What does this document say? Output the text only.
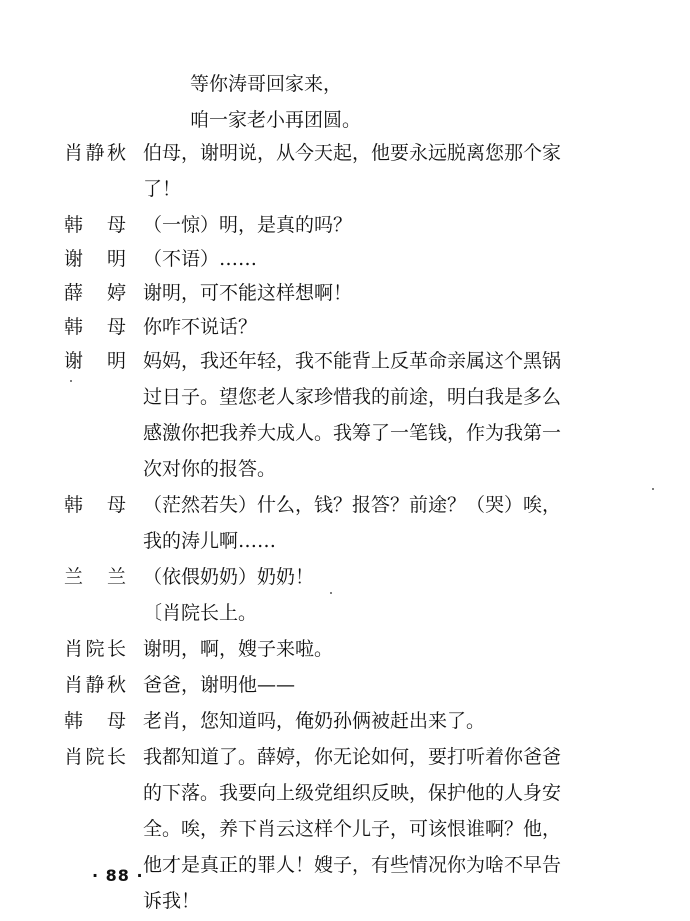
等你涛哥回家来，
咱一家老小再团圆。
肖静秋 伯母，谢明说，从今天起，他要永远脱离您那个家
了！
韩　母 （一惊）明，是真的吗？
谢　明 （不语）……
薛　婷 谢明，可不能这样想啊！
韩　母 你咋不说话？
谢　明 妈妈，我还年轻，我不能背上反革命亲属这个黑锅
过日子。望您老人家珍惜我的前途，明白我是多么
感激你把我养大成人。我筹了一笔钱，作为我第一
次对你的报答。
韩　母 （茫然若失）什么，钱？报答？前途？（哭）唉，
我的涛儿啊……
兰　兰 （依偎奶奶）奶奶！
〔肖院长上。
肖院长 谢明，啊，嫂子来啦。
肖静秋 爸爸，谢明他——
韩　母 老肖，您知道吗，俺奶孙俩被赶出来了。
肖院长 我都知道了。薛婷，你无论如何，要打听着你爸爸
的下落。我要向上级党组织反映，保护他的人身安
全。唉，养下肖云这样个儿子，可该恨谁啊？他，
他才是真正的罪人！嫂子，有些情况你为啥不早告
诉我！
· 88 ·
